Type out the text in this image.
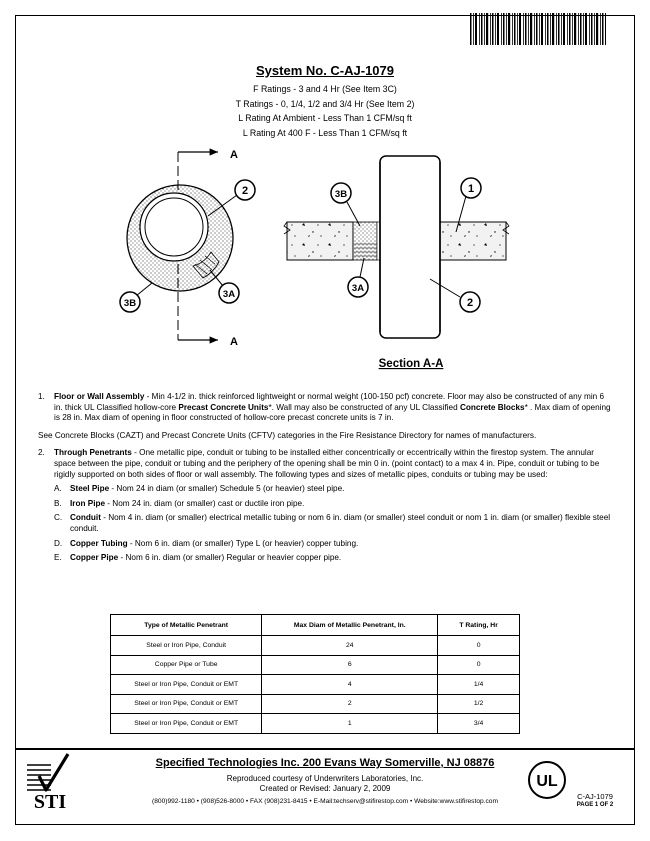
System No. C-AJ-1079
F Ratings - 3 and 4 Hr (See Item 3C)
T Ratings - 0, 1/4, 1/2 and 3/4 Hr (See Item 2)
L Rating At Ambient - Less Than 1 CFM/sq ft
L Rating At 400 F - Less Than 1 CFM/sq ft
2
3B
3A
3B
3A
1
2
A
A
Section A-A

1. Floor or Wall Assembly - Min 4-1/2 in. thick reinforced lightweight or normal weight (100-150 pcf) concrete. Floor may also be constructed of any min 6 in. thick UL Classified hollow-core Precast Concrete Units*. Wall may also be constructed of any UL Classified Concrete Blocks* . Max diam of opening is 28 in. Max diam of opening in floor constructed of hollow-core precast concrete units is 7 in.

See Concrete Blocks (CAZT) and Precast Concrete Units (CFTV) categories in the Fire Resistance Directory for names of manufacturers.

2. Through Penetrants - One metallic pipe, conduit or tubing to be installed either concentrically or eccentrically within the firestop system. The annular space between the pipe, conduit or tubing and the periphery of the opening shall be min 0 in. (point contact) to a max 4 in. Pipe, conduit or tubing to be rigidly supported on both sides of floor or wall assembly. The following types and sizes of metallic pipes, conduits or tubing may be used:

A. Steel Pipe - Nom 24 in diam (or smaller) Schedule 5 (or heavier) steel pipe.

B. Iron Pipe - Nom 24 in. diam (or smaller) cast or ductile iron pipe.

C. Conduit - Nom 4 in. diam (or smaller) electrical metallic tubing or nom 6 in. diam (or smaller) steel conduit or nom 1 in. diam (or smaller) flexible steel conduit.

D. Copper Tubing - Nom 6 in. diam (or smaller) Type L (or heavier) copper tubing.

E. Copper Pipe - Nom 6 in. diam (or smaller) Regular or heavier copper pipe.

Type of Metallic Penetrant	Max Diam of Metallic Penetrant, In.	T Rating, Hr
Steel or Iron Pipe, Conduit	24	0
Copper Pipe or Tube	6	0
Steel or Iron Pipe, Conduit or EMT	4	1/4
Steel or Iron Pipe, Conduit or EMT	2	1/2
Steel or Iron Pipe, Conduit or EMT	1	3/4
STI
Specified Technologies Inc. 200 Evans Way Somerville, NJ 08876
Reproduced courtesy of Underwriters Laboratories, Inc.
Created or Revised: January 2, 2009
(800)992-1180 • (908)526-8000 • FAX (908)231-8415 • E-Mail:techserv@stifirestop.com • Website:www.stifirestop.com
UL
C-AJ-1079
PAGE 1 OF 2
